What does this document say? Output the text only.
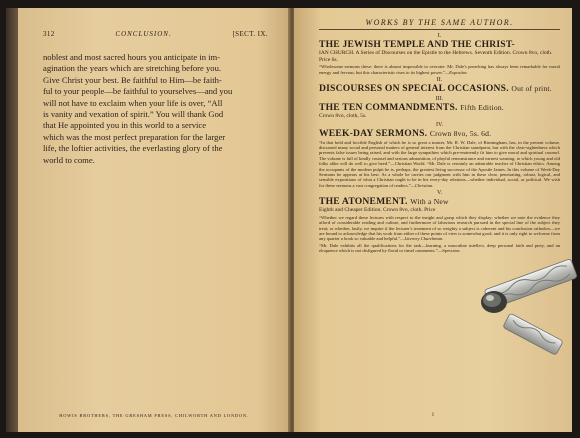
312	CONCLUSION.	[SECT. IX.

noblest and most sacred hours you anticipate in im-

agination the years which are stretching before you.

Give Christ your best. Be faithful to Him—be faith-

ful to your people—be faithful to yourselves—and you

will not have to exclaim when your life is over, “All

is vanity and vexation of spirit.” You will thank God

that He appointed you in this world to a service

which was the most perfect preparation for the larger

life, the loftier activities, the everlasting glory of the

world to come.

HOWIS BROTHERS, THE GRESHAM PRESS, CHILWORTH AND LONDON.
WORKS BY THE SAME AUTHOR.
I.
THE JEWISH TEMPLE AND THE CHRIST-
IAN CHURCH. A Series of Discourses on the Epistle to the Hebrews. Seventh Edition. Crown 8vo, cloth. Price 6s.
“Wholesome sermons these: there is almost impossible to overrate. Mr. Dale's preaching has always been remarkable for moral energy and fervour, but this characteristic rises to its highest power.”—Expositor.
II.
DISCOURSES ON SPECIAL OCCASIONS. Out of print.
III.
THE TEN COMMANDMENTS. Fifth Edition.
Crown 8vo, cloth, 5s.
IV.
WEEK-DAY SERMONS. Crown 8vo, 5s. 6d.
“In that bold and forcible English of which he is so great a master, Mr. R. W. Dale, of Birmingham, has, in the present volume, discussed many social and personal matters of general interest from the Christian standpoint, but with the clear-sightedness which prevents false issues being raised, and with the large sympathies which pre-eminently fit him to give moral and spiritual counsel. The volume is full of kindly counsel and serious admonition, of playful remonstrance and earnest warning, to which young and old folks alike will do well to give heed.”—Christian World. “Mr. Dale is certainly an admirable teacher of Christian ethics. Among the occupants of the modern pulpit he is, perhaps, the greatest living successor of the Apostle James. In this volume of Week-Day Sermons he appears at his best. As a whole he carries our judgment with him in these clear, penetrating, robust, logical, and sensible expositions of what a Christian ought to be in his every-day relations—whether individual, social, or political. We wish for these sermons a vast congregation of readers.”—Christian.
V.
THE ATONEMENT. With a New
Eighth and Cheaper Edition. Crown 8vo, cloth. Price
“Whether we regard these lectures with respect to the insight and grasp which they display; whether we note the evidence they afford of considerable reading and culture, and furthermore of laborious research pursued in the special line of the subject they treat; or whether, lastly, we inquire if the lecturer's treatment of so weighty a subject is coherent and his conclusion orthodox—we are bound to acknowledge that his work from either of these points of view is somewhat good, and it is only right to welcome from any quarter a book so valuable and helpful.”—Literary Churchman.
“Mr. Dale exhibits all the qualifications for the task—learning, a masculine intellect, deep personal faith and piety, and an eloquence which is not disfigured by florid or tinsel ornaments.”—Spectator.
I
